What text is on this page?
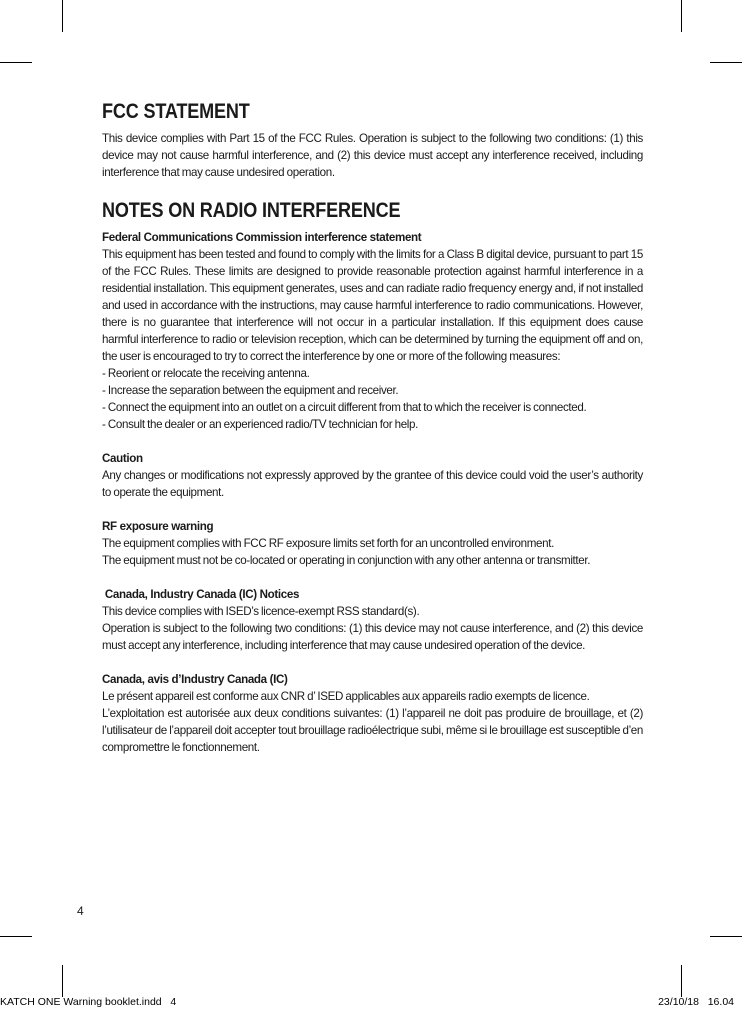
FCC STATEMENT

This device complies with Part 15 of the FCC Rules. Operation is subject to the following two conditions: (1) this device may not cause harmful interference, and (2) this device must accept any interference received, including interference that may cause undesired operation.

NOTES ON RADIO INTERFERENCE
Federal Communications Commission interference statement

This equipment has been tested and found to comply with the limits for a Class B digital device, pursuant to part 15 of the FCC Rules. These limits are designed to provide reasonable protection against harmful interference in a residential installation. This equipment generates, uses and can radiate radio frequency energy and, if not installed and used in accordance with the instructions, may cause harmful interference to radio communications. However, there is no guarantee that interference will not occur in a particular installation. If this equipment does cause harmful interference to radio or television reception, which can be determined by turning the equipment off and on, the user is encouraged to try to correct the interference by one or more of the following measures:

- Reorient or relocate the receiving antenna.

- Increase the separation between the equipment and receiver.

- Connect the equipment into an outlet on a circuit different from that to which the receiver is connected.

- Consult the dealer or an experienced radio/TV technician for help.

Caution

Any changes or modifications not expressly approved by the grantee of this device could void the user’s authority to operate the equipment.

RF exposure warning

The equipment complies with FCC RF exposure limits set forth for an uncontrolled environment.

The equipment must not be co-located or operating in conjunction with any other antenna or transmitter.

Canada, Industry Canada (IC) Notices

This device complies with ISED’s licence-exempt RSS standard(s).

Operation is subject to the following two conditions: (1) this device may not cause interference, and (2) this device must accept any interference, including interference that may cause undesired operation of the device.

Canada, avis d’Industry Canada (IC)

Le présent appareil est conforme aux CNR d’ ISED applicables aux appareils radio exempts de licence.

L’exploitation est autorisée aux deux conditions suivantes: (1) l’appareil ne doit pas produire de brouillage, et (2) l’utilisateur de l’appareil doit accepter tout brouillage radioélectrique subi, même si le brouillage est susceptible d’en compromettre le fonctionnement.

4
KATCH ONE Warning booklet.indd   4	23/10/18   16.04
